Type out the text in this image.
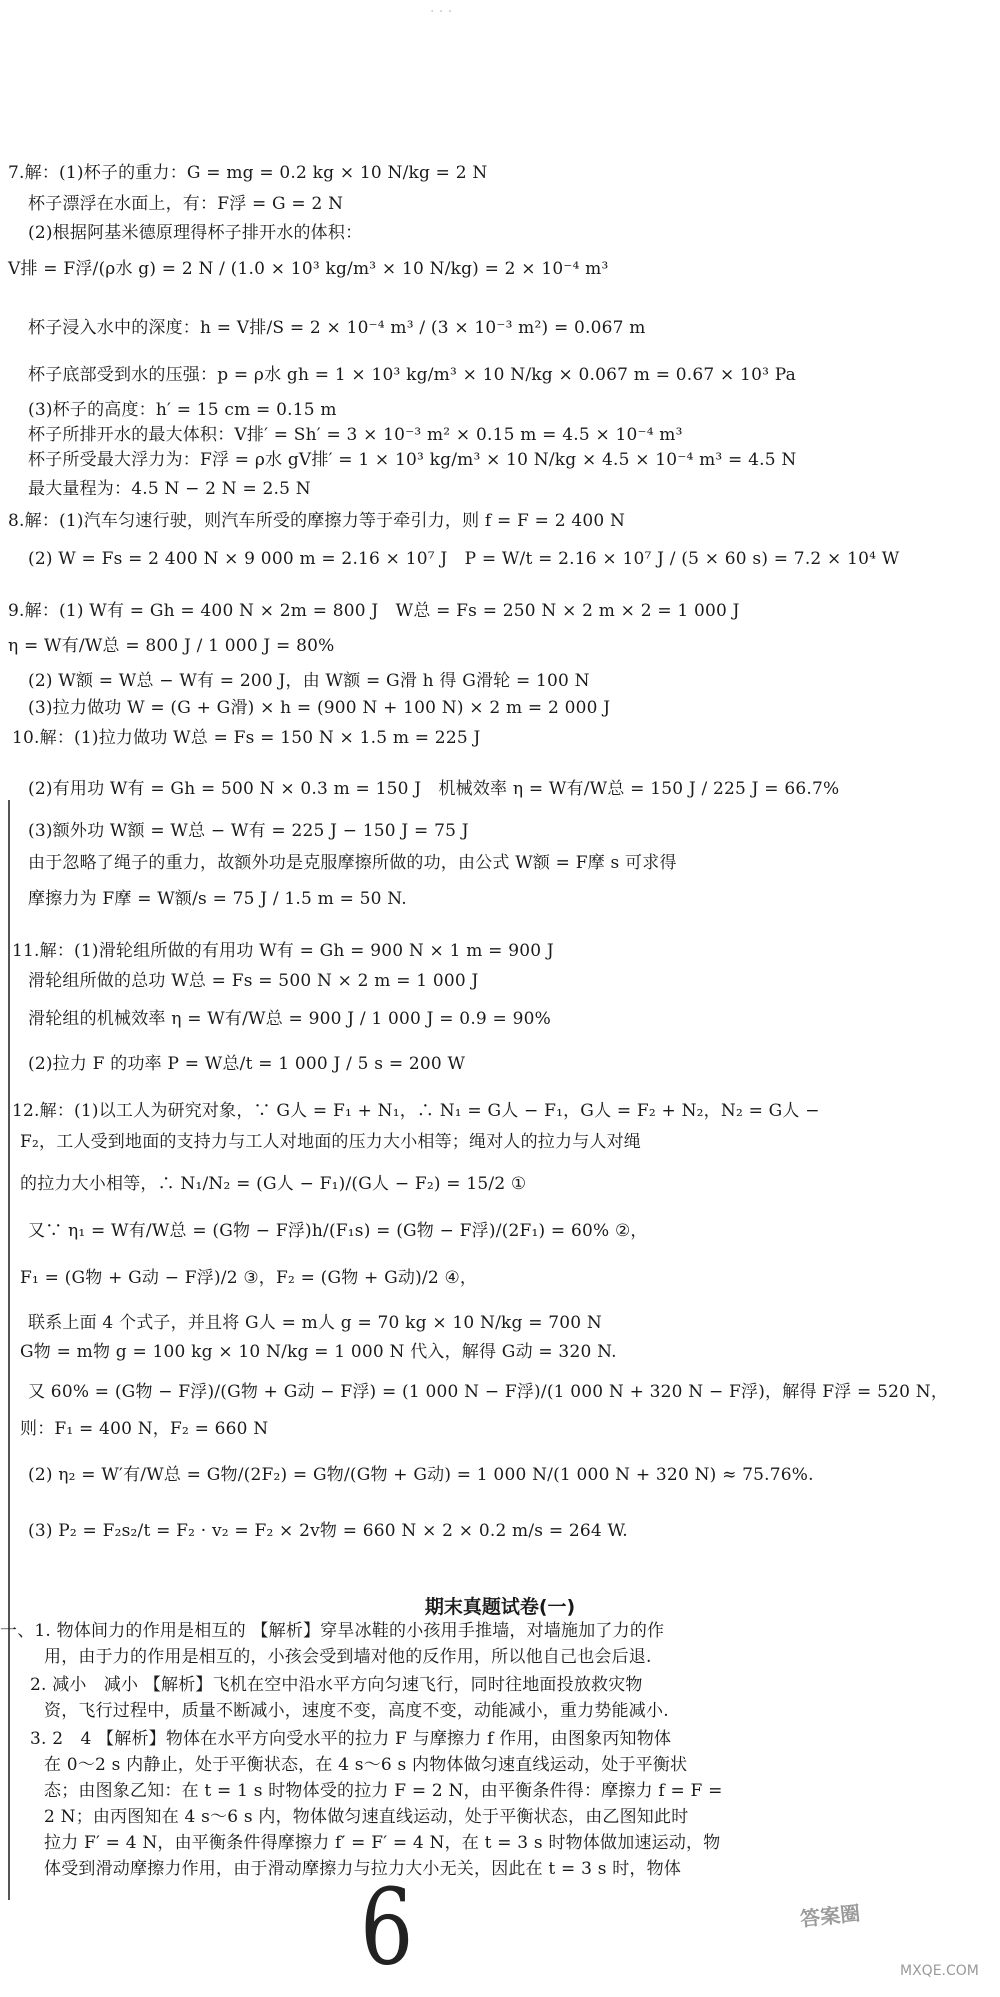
· · ·
7.解：(1)杯子的重力：G = mg = 0.2 kg × 10 N/kg = 2 N
杯子漂浮在水面上，有：F浮 = G = 2 N
(2)根据阿基米德原理得杯子排开水的体积：
V排 = F浮/(ρ水 g) = 2 N / (1.0 × 10³ kg/m³ × 10 N/kg) = 2 × 10⁻⁴ m³
杯子浸入水中的深度：h = V排/S = 2 × 10⁻⁴ m³ / (3 × 10⁻³ m²) = 0.067 m
杯子底部受到水的压强：p = ρ水 gh = 1 × 10³ kg/m³ × 10 N/kg × 0.067 m = 0.67 × 10³ Pa
(3)杯子的高度：h′ = 15 cm = 0.15 m
杯子所排开水的最大体积：V排′ = Sh′ = 3 × 10⁻³ m² × 0.15 m = 4.5 × 10⁻⁴ m³
杯子所受最大浮力为：F浮 = ρ水 gV排′ = 1 × 10³ kg/m³ × 10 N/kg × 4.5 × 10⁻⁴ m³ = 4.5 N
最大量程为：4.5 N − 2 N = 2.5 N
8.解：(1)汽车匀速行驶，则汽车所受的摩擦力等于牵引力，则 f = F = 2 400 N
(2) W = Fs = 2 400 N × 9 000 m = 2.16 × 10⁷ J　P = W/t = 2.16 × 10⁷ J / (5 × 60 s) = 7.2 × 10⁴ W
9.解：(1) W有 = Gh = 400 N × 2m = 800 J　W总 = Fs = 250 N × 2 m × 2 = 1 000 J
η = W有/W总 = 800 J / 1 000 J = 80%
(2) W额 = W总 − W有 = 200 J，由 W额 = G滑 h 得 G滑轮 = 100 N
(3)拉力做功 W = (G + G滑) × h = (900 N + 100 N) × 2 m = 2 000 J
10.解：(1)拉力做功 W总 = Fs = 150 N × 1.5 m = 225 J
(2)有用功 W有 = Gh = 500 N × 0.3 m = 150 J　机械效率 η = W有/W总 = 150 J / 225 J = 66.7%
(3)额外功 W额 = W总 − W有 = 225 J − 150 J = 75 J
由于忽略了绳子的重力，故额外功是克服摩擦所做的功，由公式 W额 = F摩 s 可求得
摩擦力为 F摩 = W额/s = 75 J / 1.5 m = 50 N.
11.解：(1)滑轮组所做的有用功 W有 = Gh = 900 N × 1 m = 900 J
滑轮组所做的总功 W总 = Fs = 500 N × 2 m = 1 000 J
滑轮组的机械效率 η = W有/W总 = 900 J / 1 000 J = 0.9 = 90%
(2)拉力 F 的功率 P = W总/t = 1 000 J / 5 s = 200 W
12.解：(1)以工人为研究对象，∵ G人 = F₁ + N₁，∴ N₁ = G人 − F₁，G人 = F₂ + N₂，N₂ = G人 −
F₂，工人受到地面的支持力与工人对地面的压力大小相等；绳对人的拉力与人对绳
的拉力大小相等，∴ N₁/N₂ = (G人 − F₁)/(G人 − F₂) = 15/2 ①
又∵ η₁ = W有/W总 = (G物 − F浮)h/(F₁s) = (G物 − F浮)/(2F₁) = 60% ②，
F₁ = (G物 + G动 − F浮)/2 ③，F₂ = (G物 + G动)/2 ④，
联系上面 4 个式子，并且将 G人 = m人 g = 70 kg × 10 N/kg = 700 N
G物 = m物 g = 100 kg × 10 N/kg = 1 000 N 代入，解得 G动 = 320 N.
又 60% = (G物 − F浮)/(G物 + G动 − F浮) = (1 000 N − F浮)/(1 000 N + 320 N − F浮)，解得 F浮 = 520 N，
则：F₁ = 400 N，F₂ = 660 N
(2) η₂ = W′有/W总 = G物/(2F₂) = G物/(G物 + G动) = 1 000 N/(1 000 N + 320 N) ≈ 75.76%.
(3) P₂ = F₂s₂/t = F₂ · v₂ = F₂ × 2v物 = 660 N × 2 × 0.2 m/s = 264 W.
期末真题试卷(一)
一、1. 物体间力的作用是相互的 【解析】穿旱冰鞋的小孩用手推墙，对墙施加了力的作
用，由于力的作用是相互的，小孩会受到墙对他的反作用，所以他自己也会后退.
2. 减小　减小 【解析】飞机在空中沿水平方向匀速飞行，同时往地面投放救灾物
资，飞行过程中，质量不断减小，速度不变，高度不变，动能减小，重力势能减小.
3. 2　4 【解析】物体在水平方向受水平的拉力 F 与摩擦力 f 作用，由图象丙知物体
在 0～2 s 内静止，处于平衡状态，在 4 s～6 s 内物体做匀速直线运动，处于平衡状
态；由图象乙知：在 t = 1 s 时物体受的拉力 F = 2 N，由平衡条件得：摩擦力 f = F =
2 N；由丙图知在 4 s～6 s 内，物体做匀速直线运动，处于平衡状态，由乙图知此时
拉力 F′ = 4 N，由平衡条件得摩擦力 f′ = F′ = 4 N，在 t = 3 s 时物体做加速运动，物
体受到滑动摩擦力作用，由于滑动摩擦力与拉力大小无关，因此在 t = 3 s 时，物体
6	答案圈
MXQE.COM
